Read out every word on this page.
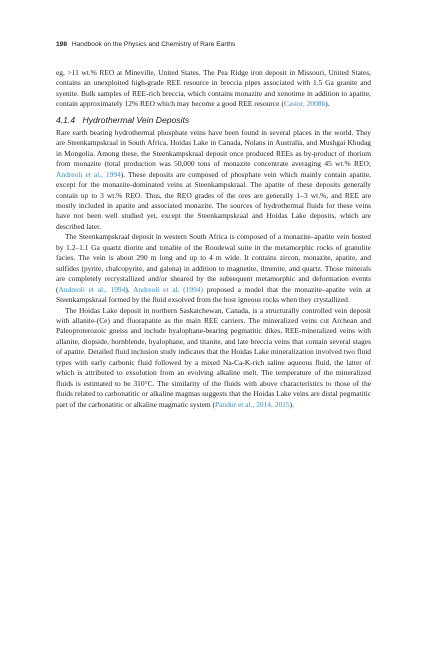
198 Handbook on the Physics and Chemistry of Rare Earths

eg, >11 wt.% REO at Mineville, United States. The Pea Ridge iron deposit in Missouri, United States, contains an unexploited high-grade REE resource in breccia pipes associated with 1.5 Ga granite and syenite. Bulk samples of REE-rich breccia, which contains monazite and xenotime in addition to apatite, contain approximately 12% REO which may become a good REE resource (Castor, 2008b).

4.1.4 Hydrothermal Vein Deposits

Rare earth bearing hydrothermal phosphate veins have been found in several places in the world. They are Steenkampskraal in South Africa, Hoidas Lake in Canada, Nolans in Australia, and Mushgai Khudag in Mongolia. Among these, the Steenkampskraal deposit once produced REEs as by-product of thorium from monazite (total production was 50,000 tons of monazite concentrate averaging 45 wt.% REO; Andreoli et al., 1994). These deposits are composed of phosphate vein which mainly contain apatite, except for the monazite-dominated veins at Steenkampskraal. The apatite of these deposits generally contain up to 3 wt.% REO. Thus, the REO grades of the ores are generally 1–3 wt.%, and REE are mostly included in apatite and associated monazite. The sources of hydrothermal fluids for these veins have not been well studied yet, except the Steenkampskraal and Hoidas Lake deposits, which are described later.

The Steenkampskraal deposit in western South Africa is composed of a monazite–apatite vein hosted by 1.2–1.1 Ga quartz diorite and tonalite of the Roodewal suite in the metamorphic rocks of granulite facies. The vein is about 290 m long and up to 4 m wide. It contains zircon, monazite, apatite, and sulfides (pyrite, chalcopyrite, and galena) in addition to magnetite, ilmenite, and quartz. Those minerals are completely recrystallized and/or sheared by the subsequent metamorphic and deformation events (Andreoli et al., 1994). Andreoli et al. (1994) proposed a model that the monazite–apatite vein at Steenkampskraal formed by the fluid exsolved from the host igneous rocks when they crystallized.

The Hoidas Lake deposit in northern Saskatchewan, Canada, is a structurally controlled vein deposit with allanite-(Ce) and fluorapatite as the main REE carriers. The mineralized veins cut Archean and Paleoproterozoic gneiss and include hyalophane-bearing pegmatitic dikes, REE-mineralized veins with allanite, diopside, hornblende, hyalophane, and titanite, and late breccia veins that contain several stages of apatite. Detailed fluid inclusion study indicates that the Hoidas Lake mineralization involved two fluid types with early carbonic fluid followed by a mixed Na-Ca-K-rich saline aqueous fluid, the latter of which is attributed to exsolution from an evolving alkaline melt. The temperature of the mineralized fluids is estimated to be 310°C. The similarity of the fluids with above characteristics to those of the fluids related to carbonatitic or alkaline magmas suggests that the Hoidas Lake veins are distal pegmatitic part of the carbonatitic or alkaline magmatic system (Pandur et al., 2014, 2015).
